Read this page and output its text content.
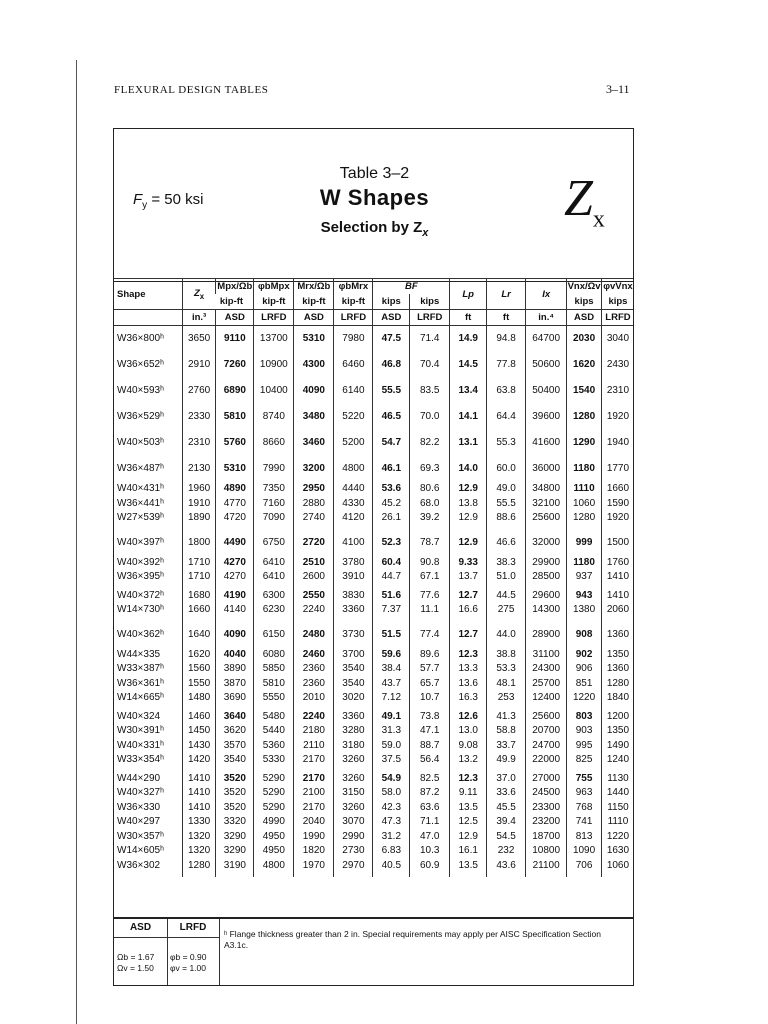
FLEXURAL DESIGN TABLES	3–11
$F_y = 50$ ksi
Table 3–2
W Shapes
Selection by $Z_x$
$Z_x$
Shape	$Z_x$	Mpx/Ωb	φbMpx	Mrx/Ωb	φbMrx	BF		Lp	Lr	Ix	Vnx/Ωv	φvVnx
		kip-ft	kip-ft	kip-ft	kip-ft	kips	kips				kips	kips
	in.³	ASD	LRFD	ASD	LRFD	ASD	LRFD	ft	ft	in.⁴	ASD	LRFD
W36×800ʰ	3650	9110	13700	5310	7980	47.5	71.4	14.9	94.8	64700	2030	3040
W36×652ʰ	2910	7260	10900	4300	6460	46.8	70.4	14.5	77.8	50600	1620	2430
W40×593ʰ	2760	6890	10400	4090	6140	55.5	83.5	13.4	63.8	50400	1540	2310
W36×529ʰ	2330	5810	8740	3480	5220	46.5	70.0	14.1	64.4	39600	1280	1920
W40×503ʰ	2310	5760	8660	3460	5200	54.7	82.2	13.1	55.3	41600	1290	1940
W36×487ʰ	2130	5310	7990	3200	4800	46.1	69.3	14.0	60.0	36000	1180	1770
W40×431ʰ	1960	4890	7350	2950	4440	53.6	80.6	12.9	49.0	34800	1110	1660
W36×441ʰ	1910	4770	7160	2880	4330	45.2	68.0	13.8	55.5	32100	1060	1590
W27×539ʰ	1890	4720	7090	2740	4120	26.1	39.2	12.9	88.6	25600	1280	1920

W40×397ʰ	1800	4490	6750	2720	4100	52.3	78.7	12.9	46.6	32000	999	1500
W40×392ʰ	1710	4270	6410	2510	3780	60.4	90.8	9.33	38.3	29900	1180	1760
W36×395ʰ	1710	4270	6410	2600	3910	44.7	67.1	13.7	51.0	28500	937	1410

W40×372ʰ	1680	4190	6300	2550	3830	51.6	77.6	12.7	44.5	29600	943	1410
W14×730ʰ	1660	4140	6230	2240	3360	7.37	11.1	16.6	275	14300	1380	2060

W40×362ʰ	1640	4090	6150	2480	3730	51.5	77.4	12.7	44.0	28900	908	1360
W44×335	1620	4040	6080	2460	3700	59.6	89.6	12.3	38.8	31100	902	1350
W33×387ʰ	1560	3890	5850	2360	3540	38.4	57.7	13.3	53.3	24300	906	1360
W36×361ʰ	1550	3870	5810	2360	3540	43.7	65.7	13.6	48.1	25700	851	1280
W14×665ʰ	1480	3690	5550	2010	3020	7.12	10.7	16.3	253	12400	1220	1840

W40×324	1460	3640	5480	2240	3360	49.1	73.8	12.6	41.3	25600	803	1200
W30×391ʰ	1450	3620	5440	2180	3280	31.3	47.1	13.0	58.8	20700	903	1350
W40×331ʰ	1430	3570	5360	2110	3180	59.0	88.7	9.08	33.7	24700	995	1490
W33×354ʰ	1420	3540	5330	2170	3260	37.5	56.4	13.2	49.9	22000	825	1240

W44×290	1410	3520	5290	2170	3260	54.9	82.5	12.3	37.0	27000	755	1130
W40×327ʰ	1410	3520	5290	2100	3150	58.0	87.2	9.11	33.6	24500	963	1440
W36×330	1410	3520	5290	2170	3260	42.3	63.6	13.5	45.5	23300	768	1150
W40×297	1330	3320	4990	2040	3070	47.3	71.1	12.5	39.4	23200	741	1110
W30×357ʰ	1320	3290	4950	1990	2990	31.2	47.0	12.9	54.5	18700	813	1220
W14×605ʰ	1320	3290	4950	1820	2730	6.83	10.3	16.1	232	10800	1090	1630
W36×302	1280	3190	4800	1970	2970	40.5	60.9	13.5	43.6	21100	706	1060

ASD
Ωb = 1.67
Ωv = 1.50
LRFD
φb = 0.90
φv = 1.00
ʰ Flange thickness greater than 2 in. Special requirements may apply per AISC Specification Section A3.1c.
